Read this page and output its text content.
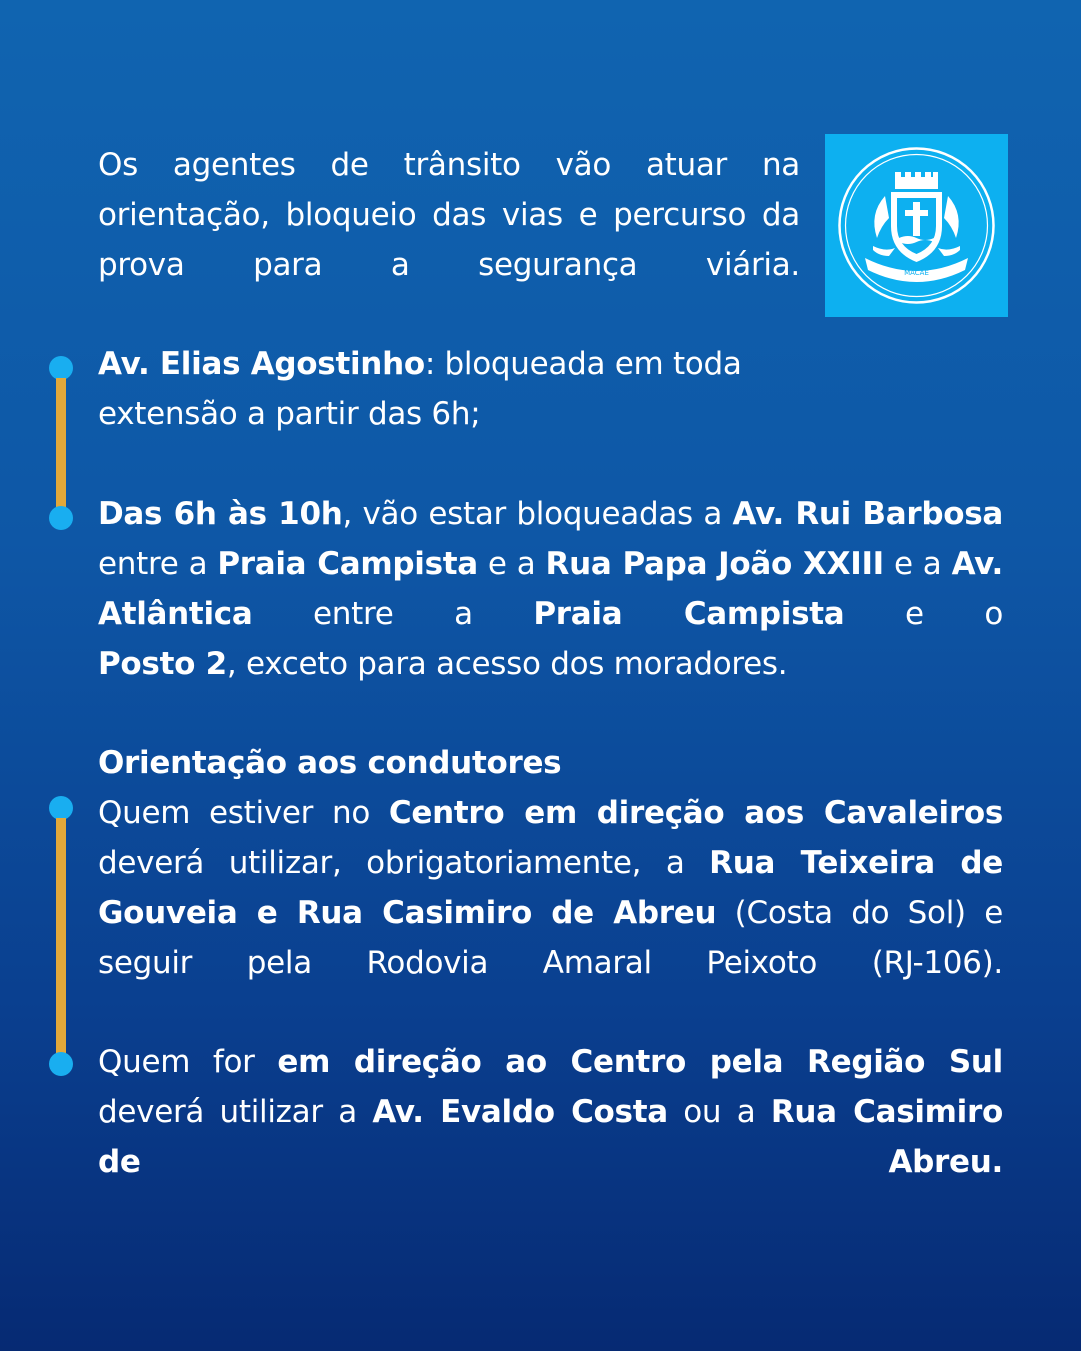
Os agentes de trânsito vão atuar na orientação, bloqueio das vias e percurso da prova para a segurança viária.	MACAÉ

Av. Elias Agostinho: bloqueada em toda extensão a partir das 6h;

Das 6h às 10h, vão estar bloqueadas a Av. Rui Barbosa entre a Praia Campista e a Rua Papa João XXIII e a Av. Atlântica entre a Praia Campista e o
Posto 2, exceto para acesso dos moradores.

Orientação aos condutores
Quem estiver no Centro em direção aos Cavaleiros deverá utilizar, obrigatoriamente, a Rua Teixeira de Gouveia e Rua Casimiro de Abreu (Costa do Sol) e seguir pela Rodovia Amaral Peixoto (RJ-106).

Quem for em direção ao Centro pela Região Sul deverá utilizar a Av. Evaldo Costa ou a Rua Casimiro de Abreu.
